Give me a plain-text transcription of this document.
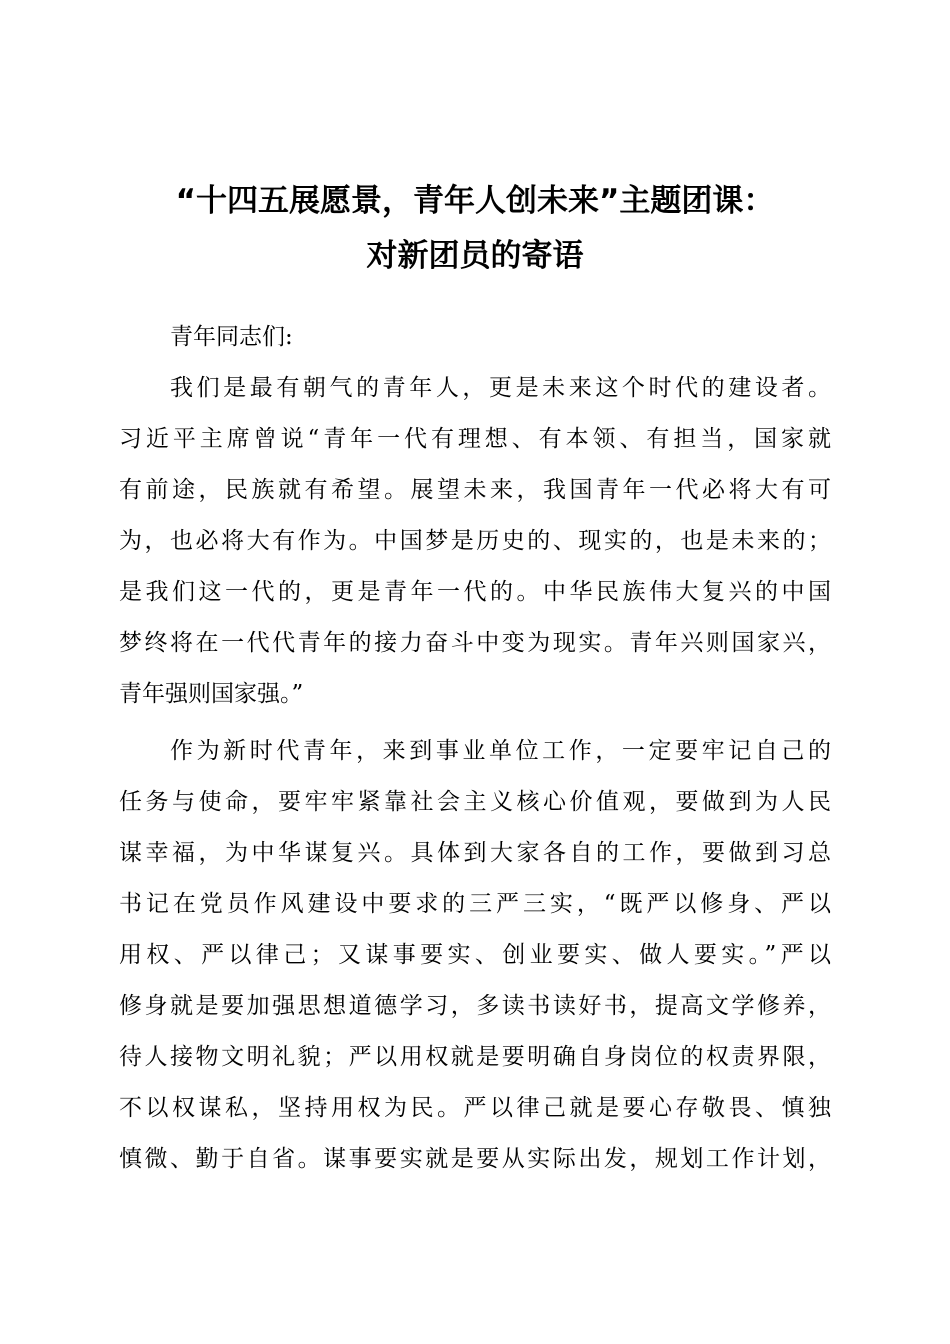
“十四五展愿景，青年人创未来”主题团课：
对新团员的寄语
青年同志们:
我们是最有朝气的青年人，更是未来这个时代的建设者。
习近平主席曾说“青年一代有理想、有本领、有担当，国家就
有前途，民族就有希望。展望未来，我国青年一代必将大有可
为，也必将大有作为。中国梦是历史的、现实的，也是未来的；
是我们这一代的，更是青年一代的。中华民族伟大复兴的中国
梦终将在一代代青年的接力奋斗中变为现实。青年兴则国家兴，
青年强则国家强。”
作为新时代青年，来到事业单位工作，一定要牢记自己的
任务与使命，要牢牢紧靠社会主义核心价值观，要做到为人民
谋幸福，为中华谋复兴。具体到大家各自的工作，要做到习总
书记在党员作风建设中要求的三严三实，“既严以修身、严以
用权、严以律己；又谋事要实、创业要实、做人要实。”严以
修身就是要加强思想道德学习，多读书读好书，提高文学修养，
待人接物文明礼貌；严以用权就是要明确自身岗位的权责界限，
不以权谋私，坚持用权为民。严以律己就是要心存敬畏、慎独
慎微、勤于自省。谋事要实就是要从实际出发，规划工作计划，
